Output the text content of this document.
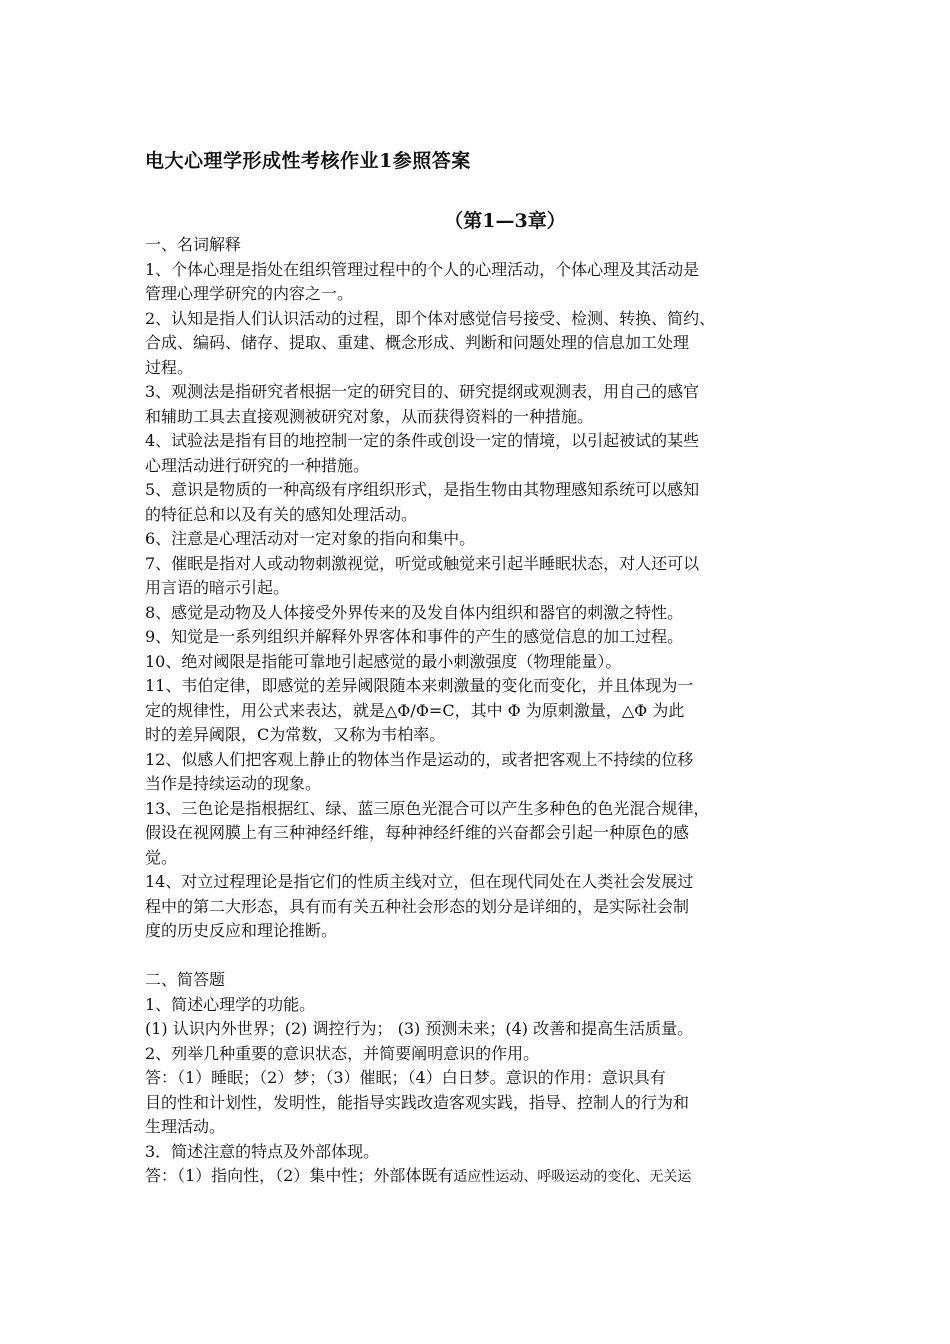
电大心理学形成性考核作业1参照答案
（第1—3章）
一、名词解释
1、个体心理是指处在组织管理过程中的个人的心理活动，个体心理及其活动是
管理心理学研究的内容之一。
2、认知是指人们认识活动的过程，即个体对感觉信号接受、检测、转换、简约、
合成、编码、储存、提取、重建、概念形成、判断和问题处理的信息加工处理
过程。
3、观测法是指研究者根据一定的研究目的、研究提纲或观测表，用自己的感官
和辅助工具去直接观测被研究对象，从而获得资料的一种措施。
4、试验法是指有目的地控制一定的条件或创设一定的情境，以引起被试的某些
心理活动进行研究的一种措施。
5、意识是物质的一种高级有序组织形式，是指生物由其物理感知系统可以感知
的特征总和以及有关的感知处理活动。
6、注意是心理活动对一定对象的指向和集中。
7、催眠是指对人或动物刺激视觉，听觉或触觉来引起半睡眠状态，对人还可以
用言语的暗示引起。
8、感觉是动物及人体接受外界传来的及发自体内组织和器官的刺激之特性。
9、知觉是一系列组织并解释外界客体和事件的产生的感觉信息的加工过程。
10、绝对阈限是指能可靠地引起感觉的最小刺激强度（物理能量）。
11、韦伯定律，即感觉的差异阈限随本来刺激量的变化而变化，并且体现为一
定的规律性，用公式来表达，就是△Φ/Φ=C，其中 Φ 为原刺激量，△Φ 为此
时的差异阈限，C为常数，又称为韦柏率。
12、似感人们把客观上静止的物体当作是运动的，或者把客观上不持续的位移
当作是持续运动的现象。
13、三色论是指根据红、绿、蓝三原色光混合可以产生多种色的色光混合规律，
假设在视网膜上有三种神经纤维，每种神经纤维的兴奋都会引起一种原色的感
觉。
14、对立过程理论是指它们的性质主线对立，但在现代同处在人类社会发展过
程中的第二大形态，具有而有关五种社会形态的划分是详细的，是实际社会制
度的历史反应和理论推断。
二、简答题
1、简述心理学的功能。
(1) 认识内外世界；(2) 调控行为； (3) 预测未来；(4) 改善和提高生活质量。
2、列举几种重要的意识状态，并简要阐明意识的作用。
答：（1）睡眠；（2）梦；（3）催眠；（4）白日梦。意识的作用：意识具有
目的性和计划性，发明性，能指导实践改造客观实践，指导、控制人的行为和
生理活动。
3．简述注意的特点及外部体现。
答：（1）指向性，（2）集中性；外部体既有适应性运动、呼吸运动的变化、无关运
